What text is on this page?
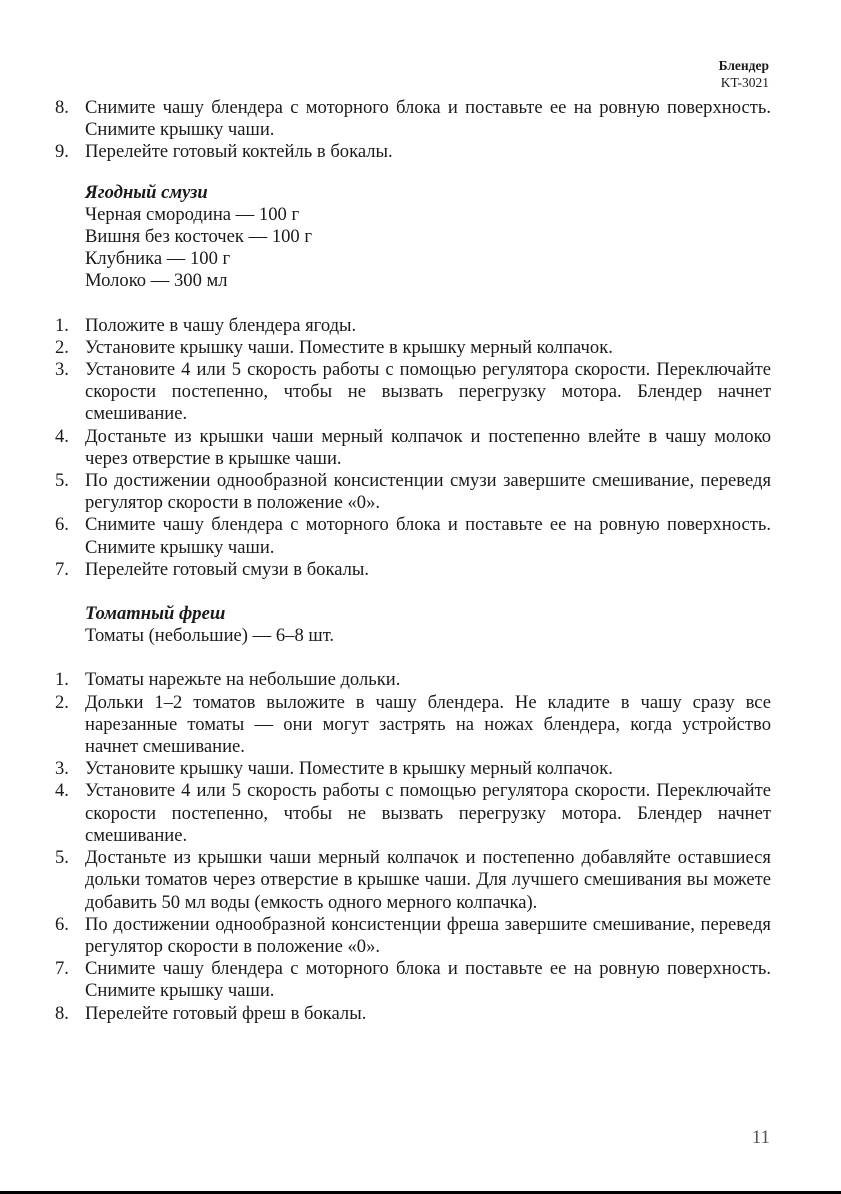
Блендер
KT-3021
8. Снимите чашу блендера с моторного блока и поставьте ее на ровную поверхность. Снимите крышку чаши.
9. Перелейте готовый коктейль в бокалы.
Ягодный смузи
Черная смородина — 100 г
Вишня без косточек — 100 г
Клубника — 100 г
Молоко — 300 мл
1. Положите в чашу блендера ягоды.
2. Установите крышку чаши. Поместите в крышку мерный колпачок.
3. Установите 4 или 5 скорость работы с помощью регулятора скорости. Переключайте скорости постепенно, чтобы не вызвать перегрузку мотора. Блендер начнет смешивание.
4. Достаньте из крышки чаши мерный колпачок и постепенно влейте в чашу молоко через отверстие в крышке чаши.
5. По достижении однообразной консистенции смузи завершите смешивание, переведя регулятор скорости в положение «0».
6. Снимите чашу блендера с моторного блока и поставьте ее на ровную поверхность. Снимите крышку чаши.
7. Перелейте готовый смузи в бокалы.
Томатный фреш
Томаты (небольшие) — 6–8 шт.
1. Томаты нарежьте на небольшие дольки.
2. Дольки 1–2 томатов выложите в чашу блендера. Не кладите в чашу сразу все нарезанные томаты — они могут застрять на ножах блендера, когда устройство начнет смешивание.
3. Установите крышку чаши. Поместите в крышку мерный колпачок.
4. Установите 4 или 5 скорость работы с помощью регулятора скорости. Переключайте скорости постепенно, чтобы не вызвать перегрузку мотора. Блендер начнет смешивание.
5. Достаньте из крышки чаши мерный колпачок и постепенно добавляйте оставшиеся дольки томатов через отверстие в крышке чаши. Для лучшего смешивания вы можете добавить 50 мл воды (емкость одного мерного колпачка).
6. По достижении однообразной консистенции фреша завершите смешивание, переведя регулятор скорости в положение «0».
7. Снимите чашу блендера с моторного блока и поставьте ее на ровную поверхность. Снимите крышку чаши.
8. Перелейте готовый фреш в бокалы.
11
